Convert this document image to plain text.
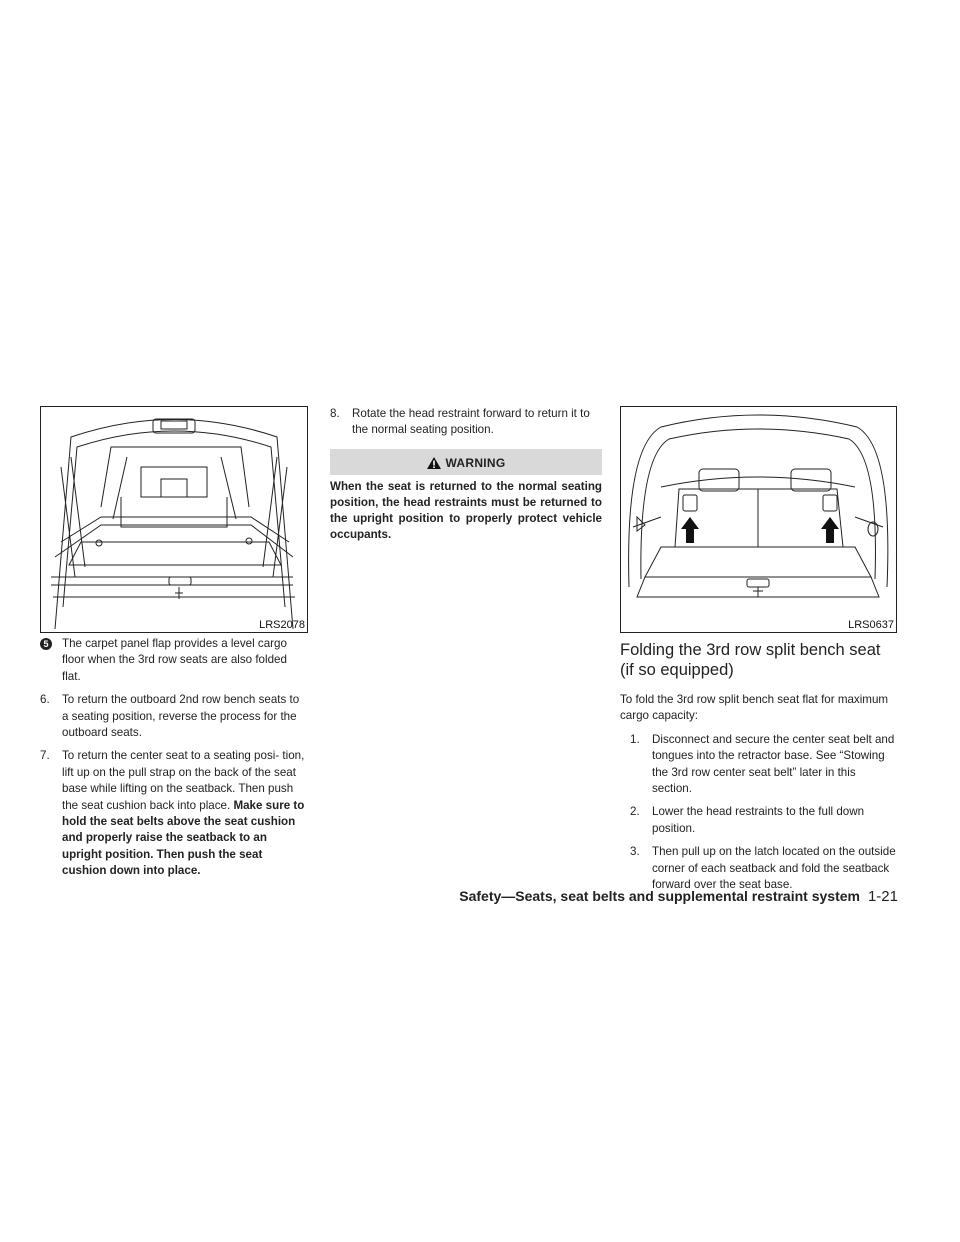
LRS2078	LRS0637
5	The carpet panel flap provides a level cargo floor when the 3rd row seats are also folded flat.
6. To return the outboard 2nd row bench seats to a seating position, reverse the process for the outboard seats.
7. To return the center seat to a seating posi- tion, lift up on the pull strap on the back of the seat base while lifting on the seatback. Then push the seat cushion back into place. Make sure to hold the seat belts above the seat cushion and properly raise the seatback to an upright position. Then push the seat cushion down into place.
8. Rotate the head restraint forward to return it to the normal seating position.
WARNING
When the seat is returned to the normal seating position, the head restraints must be returned to the upright position to properly protect vehicle occupants.
Folding the 3rd row split bench seat (if so equipped)

To fold the 3rd row split bench seat flat for maximum cargo capacity:

1. Disconnect and secure the center seat belt and tongues into the retractor base. See “Stowing the 3rd row center seat belt” later in this section.
2. Lower the head restraints to the full down position.
3. Then pull up on the latch located on the outside corner of each seatback and fold the seatback forward over the seat base.
Safety—Seats, seat belts and supplemental restraint system 1-21
